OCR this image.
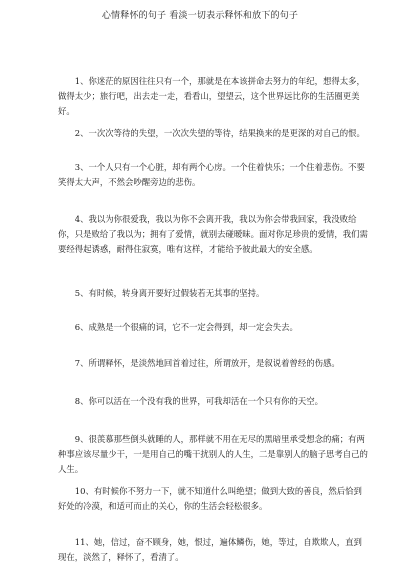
心情释怀的句子 看淡一切表示释怀和放下的句子

1、你迷茫的原因往往只有一个，那就是在本该拼命去努力的年纪，想得太多，做得太少；旅行吧，出去走一走，看看山，望望云，这个世界远比你的生活圈更美好。

2、一次次等待的失望，一次次失望的等待，结果换来的是更深的对自己的恨。

3、一个人只有一个心脏，却有两个心房。一个住着快乐；一个住着悲伤。不要笑得太大声，不然会吵醒旁边的悲伤。

4、我以为你很爱我，我以为你不会离开我，我以为你会带我回家，我没败给你，只是败给了我以为；拥有了爱情，就别去碰暧昧。面对你足珍贵的爱情，我们需要经得起诱惑，耐得住寂寞，唯有这样，才能给予彼此最大的安全感。

5、有时候，转身离开要好过假装若无其事的坚持。

6、成熟是一个很痛的词，它不一定会得到，却一定会失去。

7、所谓释怀，是淡然地回首着过往，所谓放开，是叙说着曾经的伤感。

8、你可以活在一个没有我的世界，可我却活在一个只有你的天空。

9、很羡慕那些倒头就睡的人，那样就不用在无尽的黑暗里承受想念的痛；有两种事应该尽量少干，一是用自己的嘴干扰别人的人生，二是靠别人的脑子思考自己的人生。

10、有时候你不努力一下，就不知道什么叫绝望；做到大致的善良，然后恰到好处的冷漠，和适可而止的关心，你的生活会轻松很多。

11、她，信过，奋不顾身，她，恨过，遍体鳞伤，她，等过，自欺欺人，直到现在，淡然了，释怀了，看清了。
